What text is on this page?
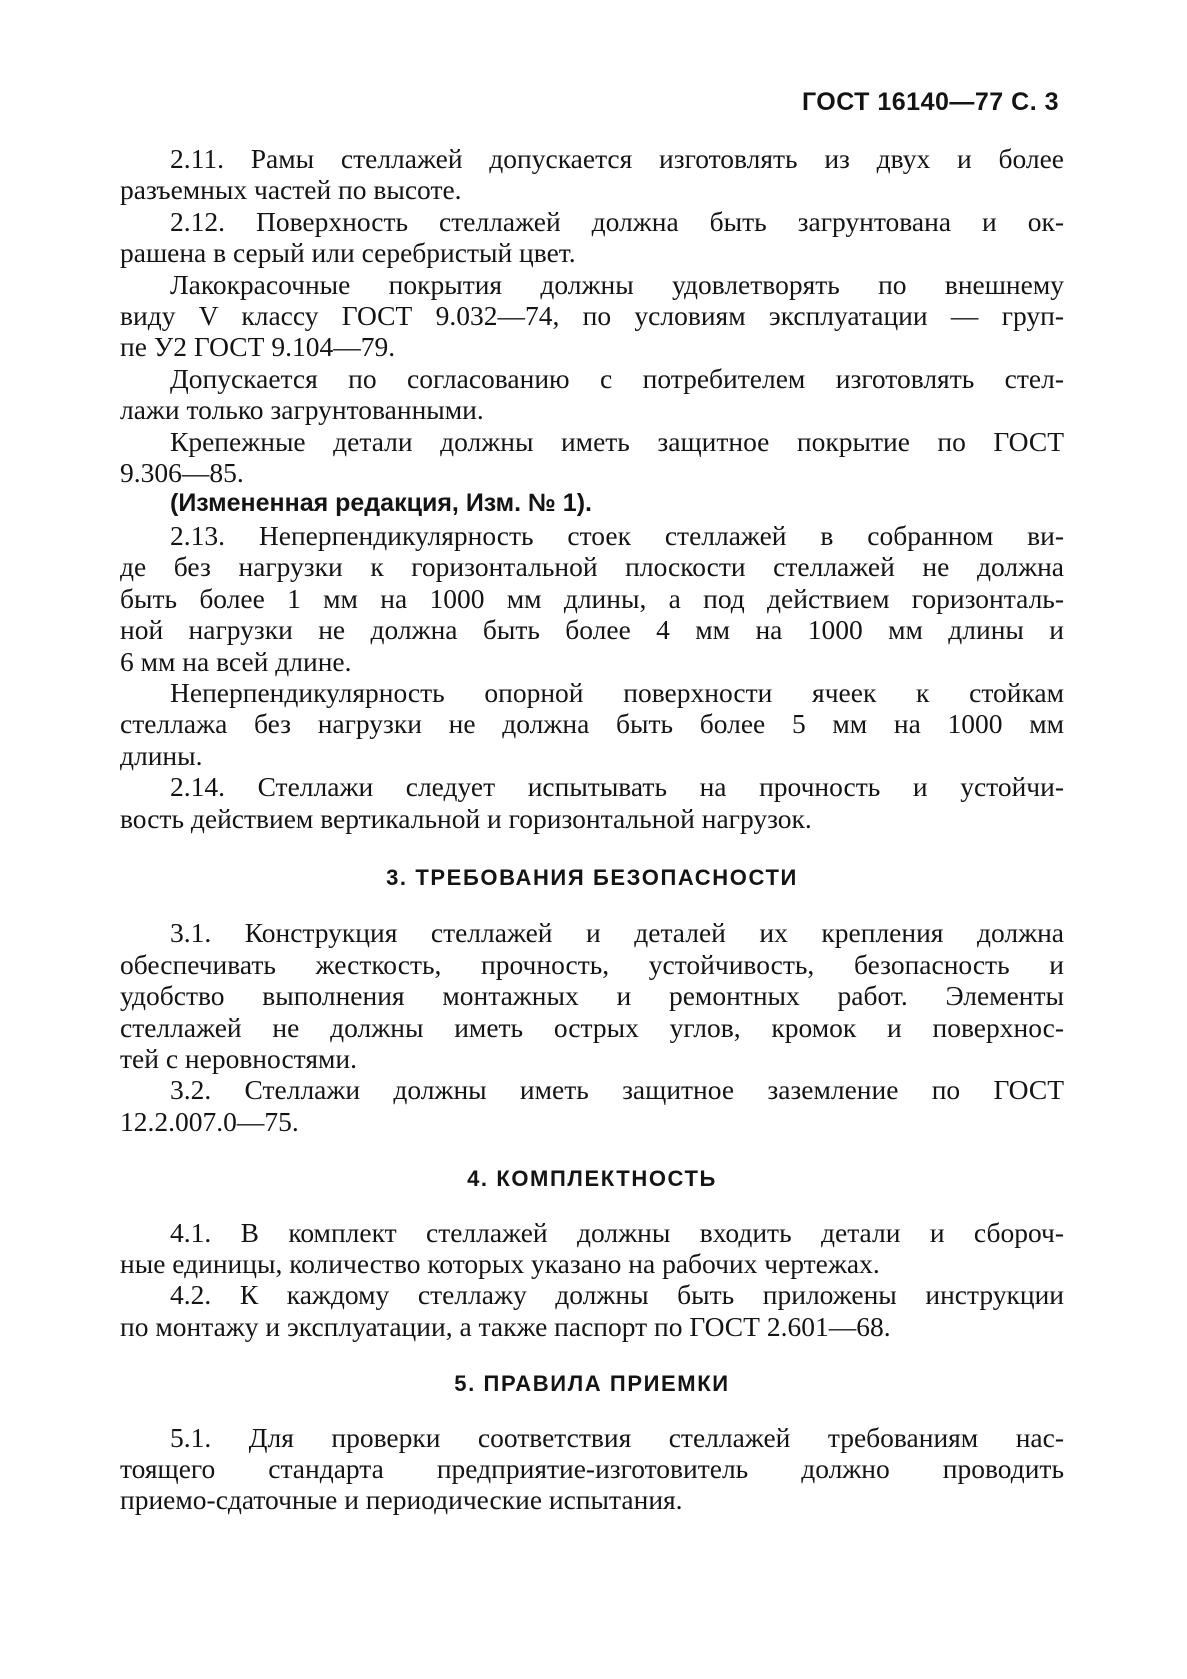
ГОСТ 16140—77 С. 3
2.11. Рамы стеллажей допускается изготовлять из двух и более
разъемных частей по высоте.
2.12. Поверхность стеллажей должна быть загрунтована и ок-
рашена в серый или серебристый цвет.
Лакокрасочные покрытия должны удовлетворять по внешнему
виду V классу ГОСТ 9.032—74, по условиям эксплуатации — груп-
пе У2 ГОСТ 9.104—79.
Допускается по согласованию с потребителем изготовлять стел-
лажи только загрунтованными.
Крепежные детали должны иметь защитное покрытие по ГОСТ
9.306—85.
(Измененная редакция, Изм. № 1).
2.13. Неперпендикулярность стоек стеллажей в собранном ви-
де без нагрузки к горизонтальной плоскости стеллажей не должна
быть более 1 мм на 1000 мм длины, а под действием горизонталь-
ной нагрузки не должна быть более 4 мм на 1000 мм длины и
6 мм на всей длине.
Неперпендикулярность опорной поверхности ячеек к стойкам
стеллажа без нагрузки не должна быть более 5 мм на 1000 мм
длины.
2.14. Стеллажи следует испытывать на прочность и устойчи-
вость действием вертикальной и горизонтальной нагрузок.

3. ТРЕБОВАНИЯ БЕЗОПАСНОСТИ

3.1. Конструкция стеллажей и деталей их крепления должна
обеспечивать жесткость, прочность, устойчивость, безопасность и
удобство выполнения монтажных и ремонтных работ. Элементы
стеллажей не должны иметь острых углов, кромок и поверхнос-
тей с неровностями.
3.2. Стеллажи должны иметь защитное заземление по ГОСТ
12.2.007.0—75.

4. КОМПЛЕКТНОСТЬ

4.1. В комплект стеллажей должны входить детали и сбороч-
ные единицы, количество которых указано на рабочих чертежах.
4.2. К каждому стеллажу должны быть приложены инструкции
по монтажу и эксплуатации, а также паспорт по ГОСТ 2.601—68.

5. ПРАВИЛА ПРИЕМКИ

5.1. Для проверки соответствия стеллажей требованиям нас-
тоящего стандарта предприятие-изготовитель должно проводить
приемо-сдаточные и периодические испытания.
